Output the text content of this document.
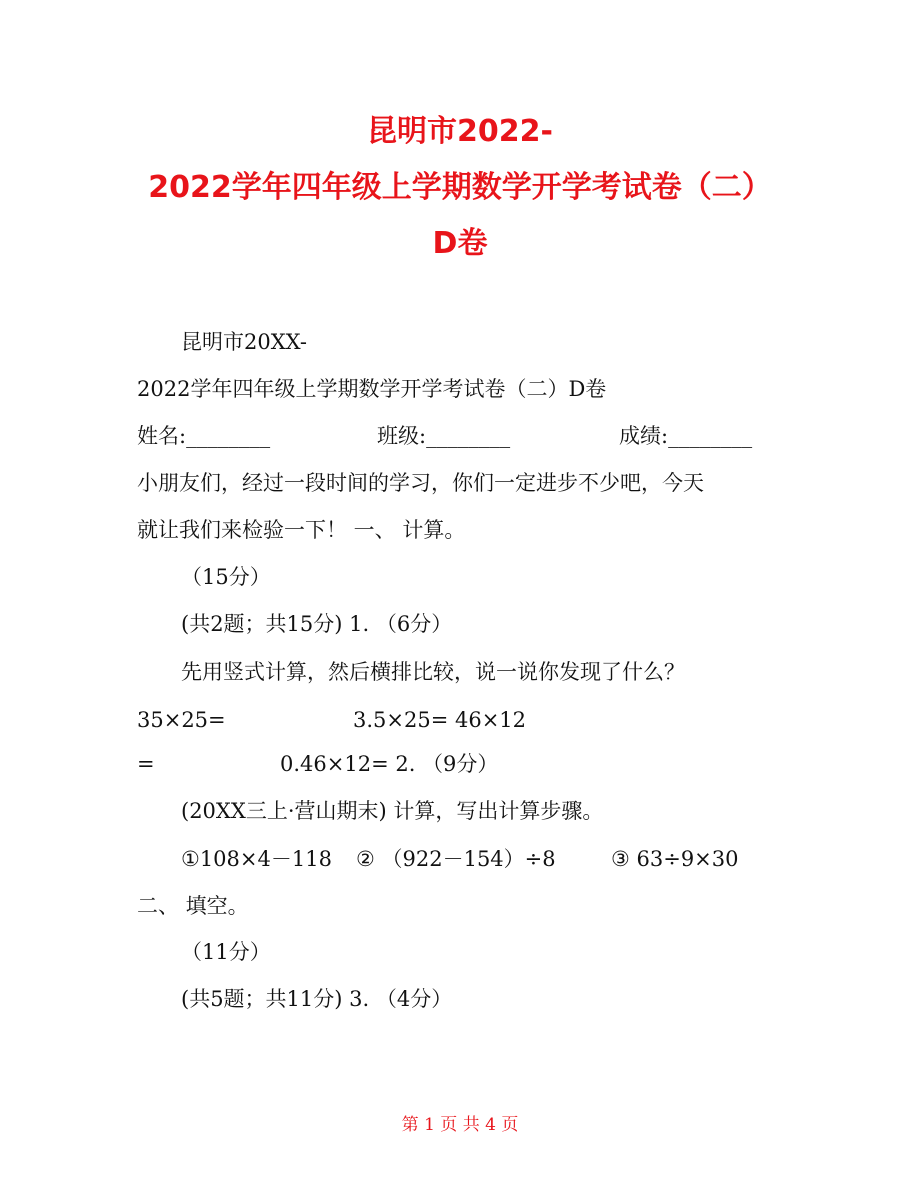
昆明市2022-
2022学年四年级上学期数学开学考试卷（二）
D卷
昆明市20XX-
2022学年四年级上学期数学开学考试卷（二）D卷
姓名:________	班级:________	成绩:________
小朋友们，经过一段时间的学习，你们一定进步不少吧，今天
就让我们来检验一下！ 一、 计算。
（15分）
(共2题；共15分) 1. （6分）
先用竖式计算，然后横排比较，说一说你发现了什么？
35×25=	3.5×25= 46×12
=	0.46×12= 2. （9分）
(20XX三上·营山期末) 计算，写出计算步骤。
①108×4－118 ② （922－154）÷8	③ 63÷9×30
二、 填空。
（11分）
(共5题；共11分) 3. （4分）
第 1 页 共 4 页
